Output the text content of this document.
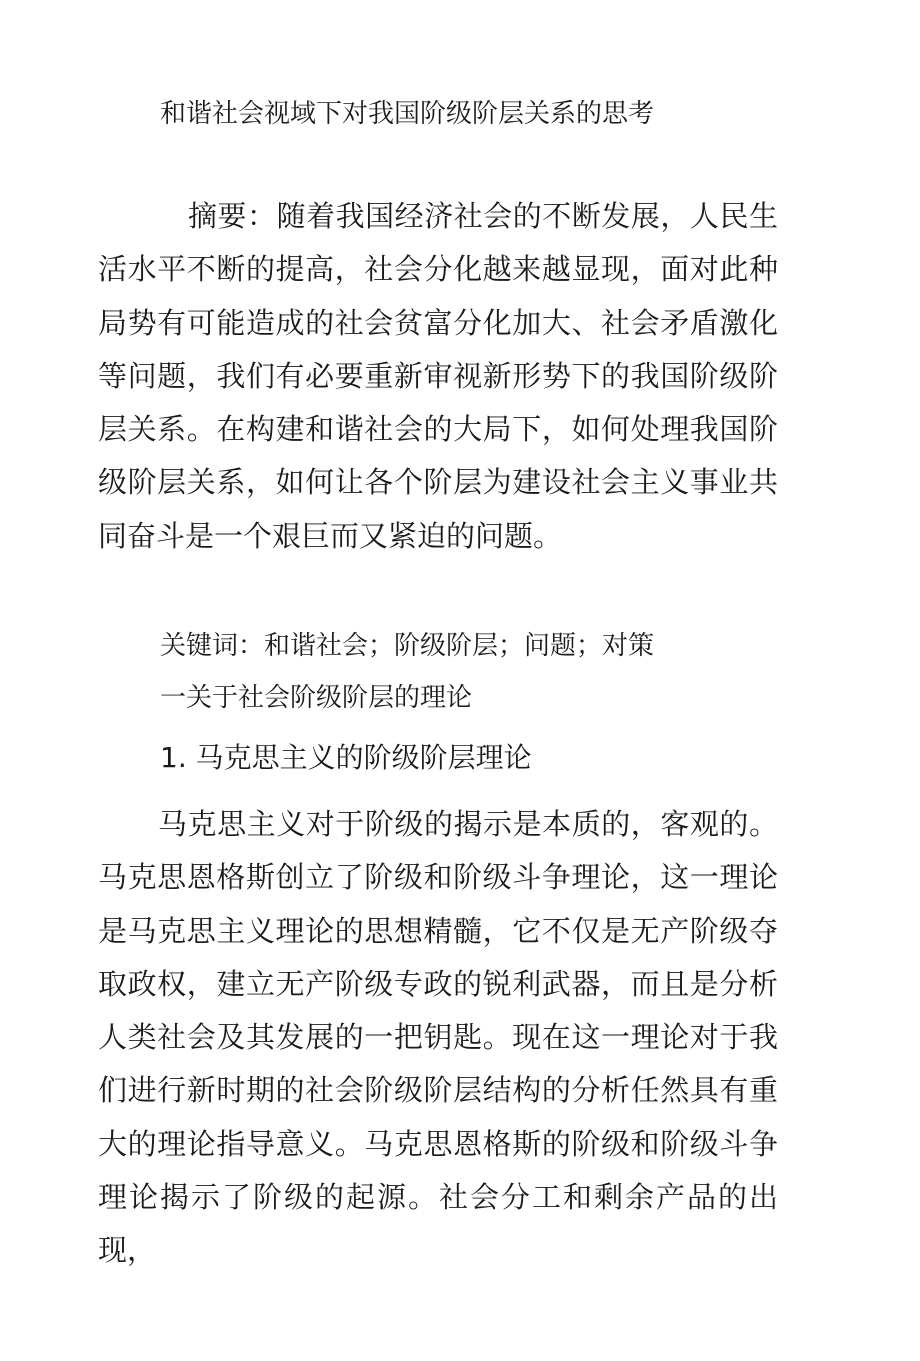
和谐社会视域下对我国阶级阶层关系的思考
摘要：随着我国经济社会的不断发展，人民生活水平不断的提高，社会分化越来越显现，面对此种局势有可能造成的社会贫富分化加大、社会矛盾激化等问题，我们有必要重新审视新形势下的我国阶级阶层关系。在构建和谐社会的大局下，如何处理我国阶级阶层关系，如何让各个阶层为建设社会主义事业共同奋斗是一个艰巨而又紧迫的问题。
关键词：和谐社会；阶级阶层；问题；对策
一关于社会阶级阶层的理论
1. 马克思主义的阶级阶层理论
马克思主义对于阶级的揭示是本质的，客观的。马克思恩格斯创立了阶级和阶级斗争理论，这一理论是马克思主义理论的思想精髓，它不仅是无产阶级夺取政权，建立无产阶级专政的锐利武器，而且是分析人类社会及其发展的一把钥匙。现在这一理论对于我们进行新时期的社会阶级阶层结构的分析任然具有重大的理论指导意义。马克思恩格斯的阶级和阶级斗争理论揭示了阶级的起源。社会分工和剩余产品的出现，
